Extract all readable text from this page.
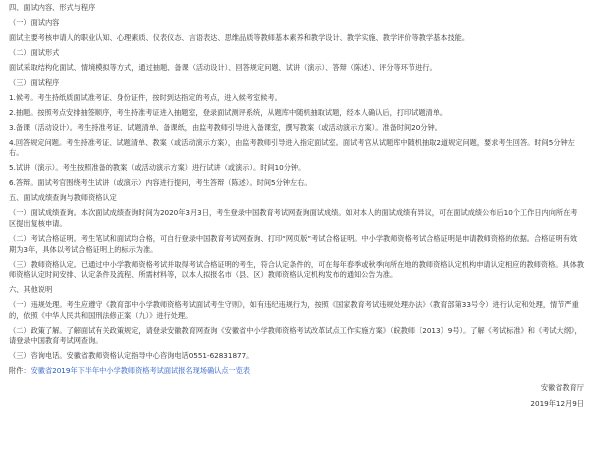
四、面试内容、形式与程序
（一）面试内容
面试主要考核申请人的职业认知、心理素质、仪表仪态、言语表达、思维品质等教师基本素养和教学设计、教学实施、教学评价等教学基本技能。
（二）面试形式
面试采取结构化面试、情境模拟等方式，通过抽题、备课（活动设计）、回答规定问题、试讲（演示）、答辩（陈述）、评分等环节进行。
（三）面试程序
1.候考。考生持纸质面试准考证、身份证件，按时到达指定的考点，进入候考室候考。
2.抽题。按照考点安排抽签顺序，考生持准考证进入抽题室，登录面试测评系统，从题库中随机抽取试题，经本人确认后，打印试题清单。
3.备课（活动设计）。考生持准考证、试题清单、备课纸，由监考教师引导进入备课室，撰写教案（或活动演示方案）。准备时间20分钟。
4.回答规定问题。考生持准考证、试题清单、教案（或活动演示方案），由监考教师引导进入指定面试室。面试考官从试题库中随机抽取2道规定问题，要求考生回答。时间5分钟左右。
5.试讲（演示）。考生按照准备的教案（或活动演示方案）进行试讲（或演示）。时间10分钟。
6.答辩。面试考官围绕考生试讲（或演示）内容进行提问，考生答辩（陈述）。时间5分钟左右。
五、面试成绩查询与教师资格认定
（一）面试成绩查询。本次面试成绩查询时间为2020年3月3日，考生登录中国教育考试网查询面试成绩。如对本人的面试成绩有异议，可在面试成绩公布后10个工作日内向所在考区提出复核申请。
（二）考试合格证明。考生笔试和面试均合格，可自行登录中国教育考试网查询、打印“网页版”考试合格证明。中小学教师资格考试合格证明是申请教师资格的依据。合格证明有效期为3年，具体以考试合格证明上的标示为准。
（三）教师资格认定。已通过中小学教师资格考试并取得考试合格证明的考生，符合认定条件的，可在每年春季或秋季向所在地的教师资格认定机构申请认定相应的教师资格。具体教师资格认定时间安排、认定条件及流程、所需材料等，以本人拟报名市（县、区）教师资格认定机构发布的通知公告为准。
六、其他说明
（一）违规处理。考生应遵守《教育部中小学教师资格考试面试考生守则》，如有违纪违规行为，按照《国家教育考试违规处理办法》（教育部第33号令）进行认定和处理，情节严重的，依照《中华人民共和国刑法修正案（九）》进行处理。
（二）政策了解。了解面试有关政策规定，请登录安徽教育网查询《安徽省中小学教师资格考试改革试点工作实施方案》（皖教师〔2013〕9号）。了解《考试标准》和《考试大纲》，请登录中国教育考试网查询。
（三）咨询电话。安徽省教师资格认定指导中心咨询电话0551-62831877。
附件：安徽省2019年下半年中小学教师资格考试面试报名现场确认点一览表
安徽省教育厅
2019年12月9日
